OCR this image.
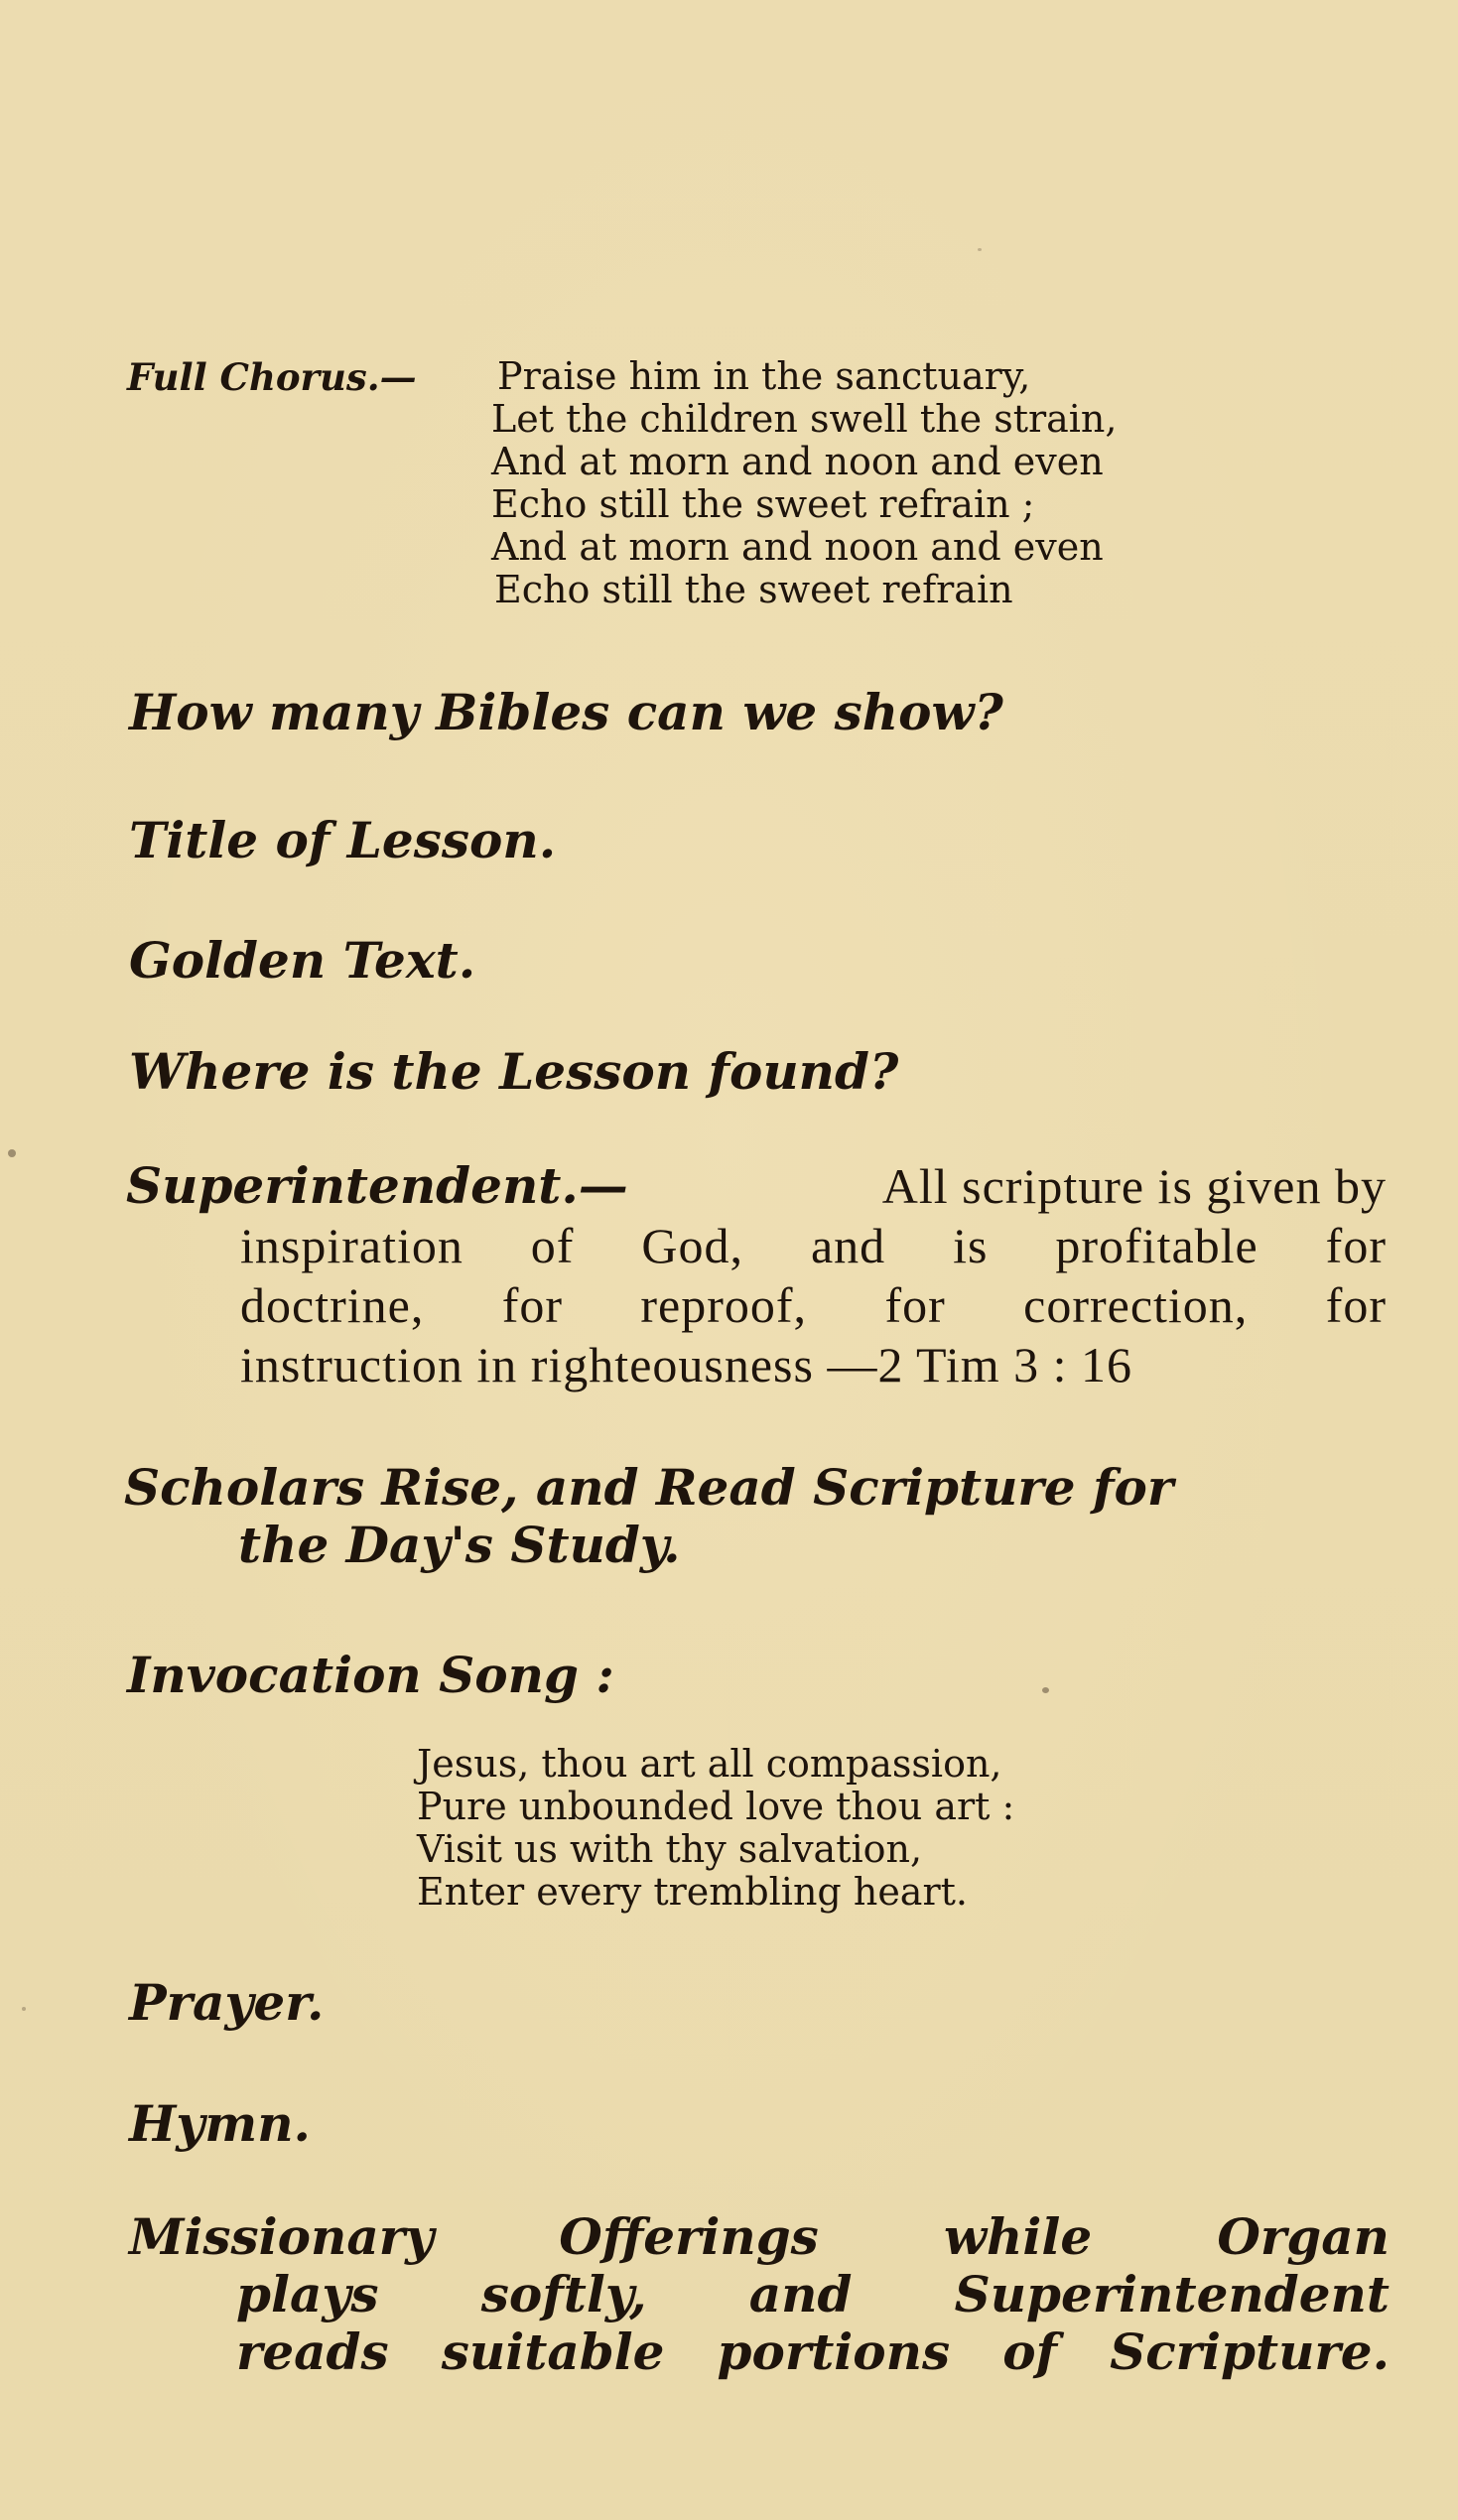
Full Chorus.— Praise him in the sanctuary,
Let the children swell the strain,
And at morn and noon and even
Echo still the sweet refrain ;
And at morn and noon and even
Echo still the sweet refrain
How many Bibles can we show?
Title of Lesson.
Golden Text.
Where is the Lesson found?
Superintendent.—	All scripture is given by
inspiration of God, and is profitable for
doctrine, for reproof, for correction, for
instruction in righteousness —2 Tim 3 : 16
Scholars Rise, and Read Scripture for
the Day's Study.
Invocation Song :
Jesus, thou art all compassion,
Pure unbounded love thou art :
Visit us with thy salvation,
Enter every trembling heart.
Prayer.
Hymn.
Missionary Offerings while Organ
plays softly, and Superintendent
reads suitable portions of Scripture.
